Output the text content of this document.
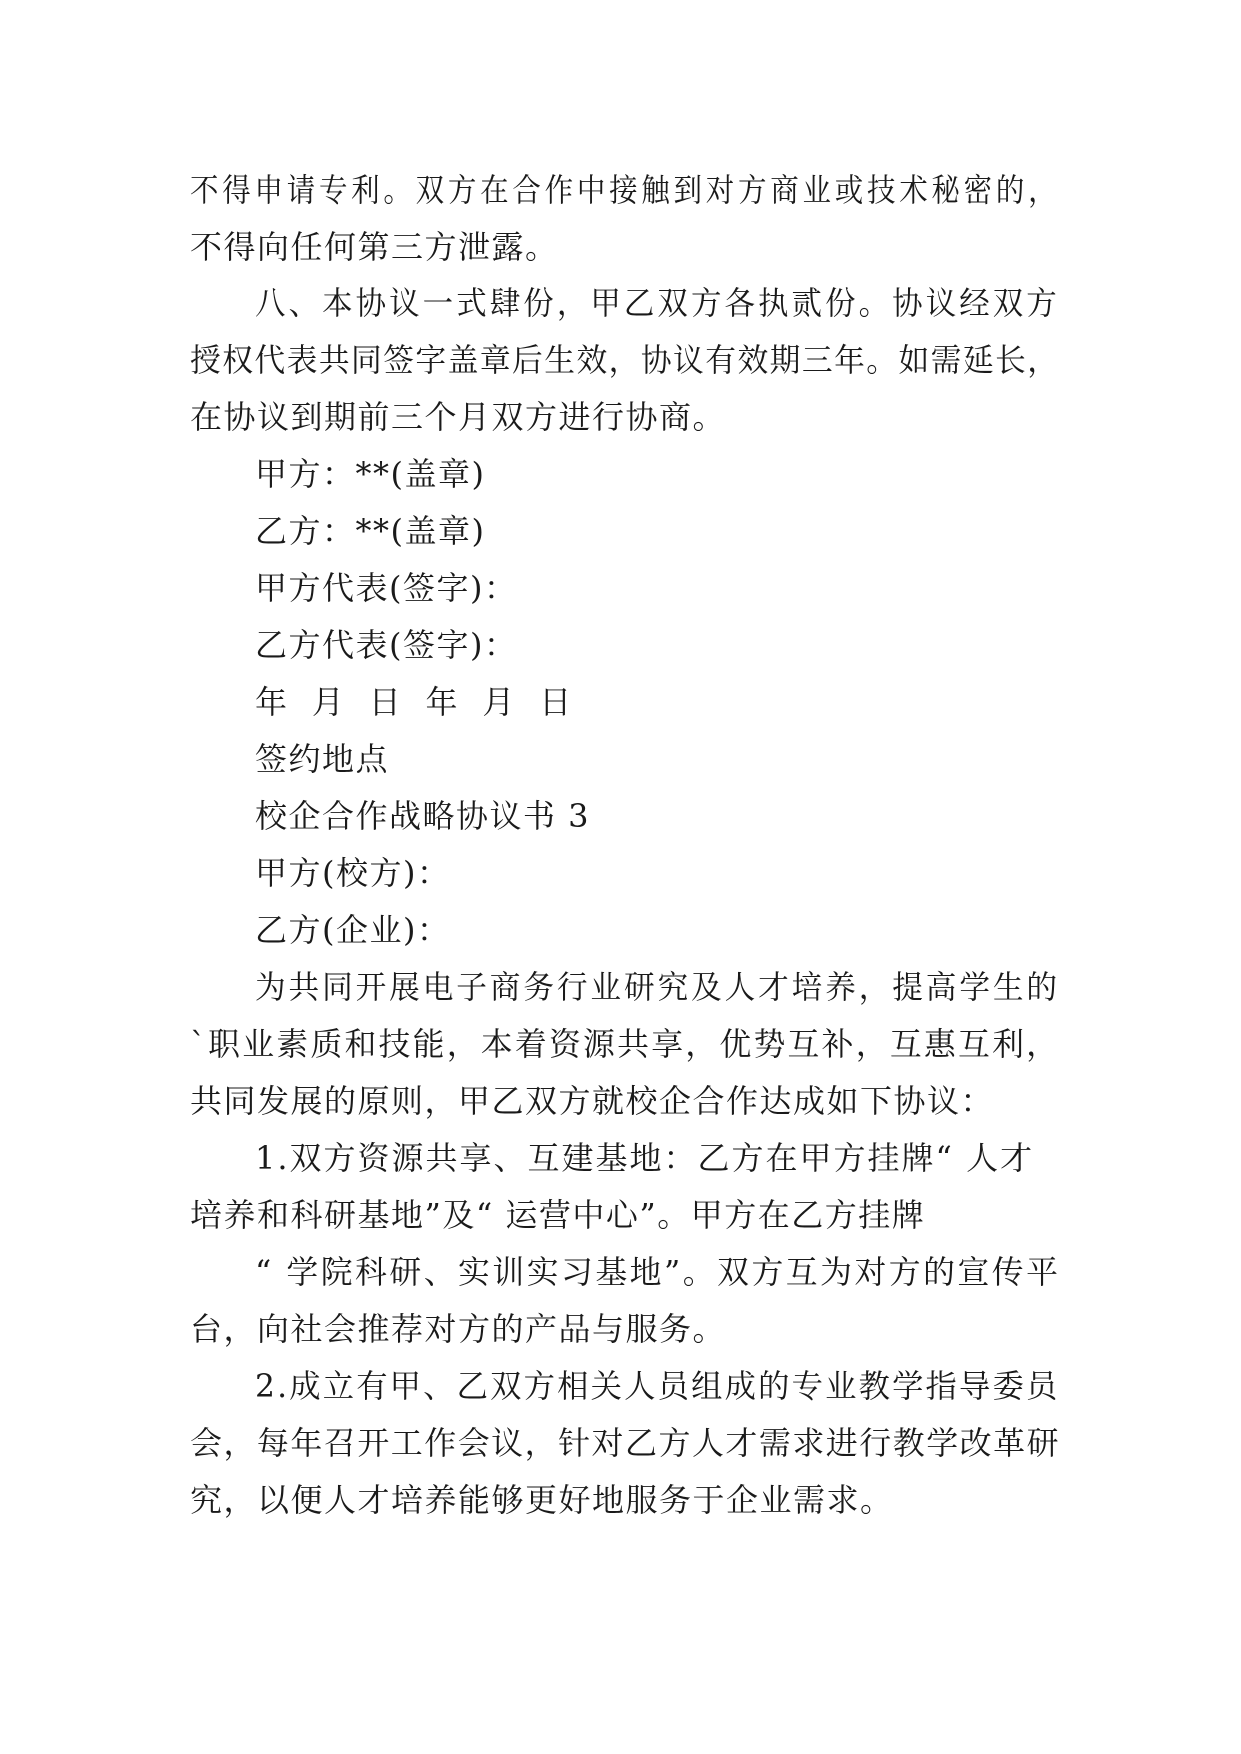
不得申请专利。双方在合作中接触到对方商业或技术秘密的，
不得向任何第三方泄露。
八、本协议一式肆份，甲乙双方各执贰份。协议经双方
授权代表共同签字盖章后生效，协议有效期三年。如需延长，
在协议到期前三个月双方进行协商。
甲方：**(盖章)
乙方：**(盖章)
甲方代表(签字)：
乙方代表(签字)：
年  月  日  年  月  日
签约地点
校企合作战略协议书 3
甲方(校方)：
乙方(企业)：
为共同开展电子商务行业研究及人才培养，提高学生的
`职业素质和技能，本着资源共享，优势互补，互惠互利，
共同发展的原则，甲乙双方就校企合作达成如下协议：
1.双方资源共享、互建基地：乙方在甲方挂牌“ 人才
培养和科研基地”及“ 运营中心”。甲方在乙方挂牌
“ 学院科研、实训实习基地”。双方互为对方的宣传平
台，向社会推荐对方的产品与服务。
2.成立有甲、乙双方相关人员组成的专业教学指导委员
会，每年召开工作会议，针对乙方人才需求进行教学改革研
究，以便人才培养能够更好地服务于企业需求。
